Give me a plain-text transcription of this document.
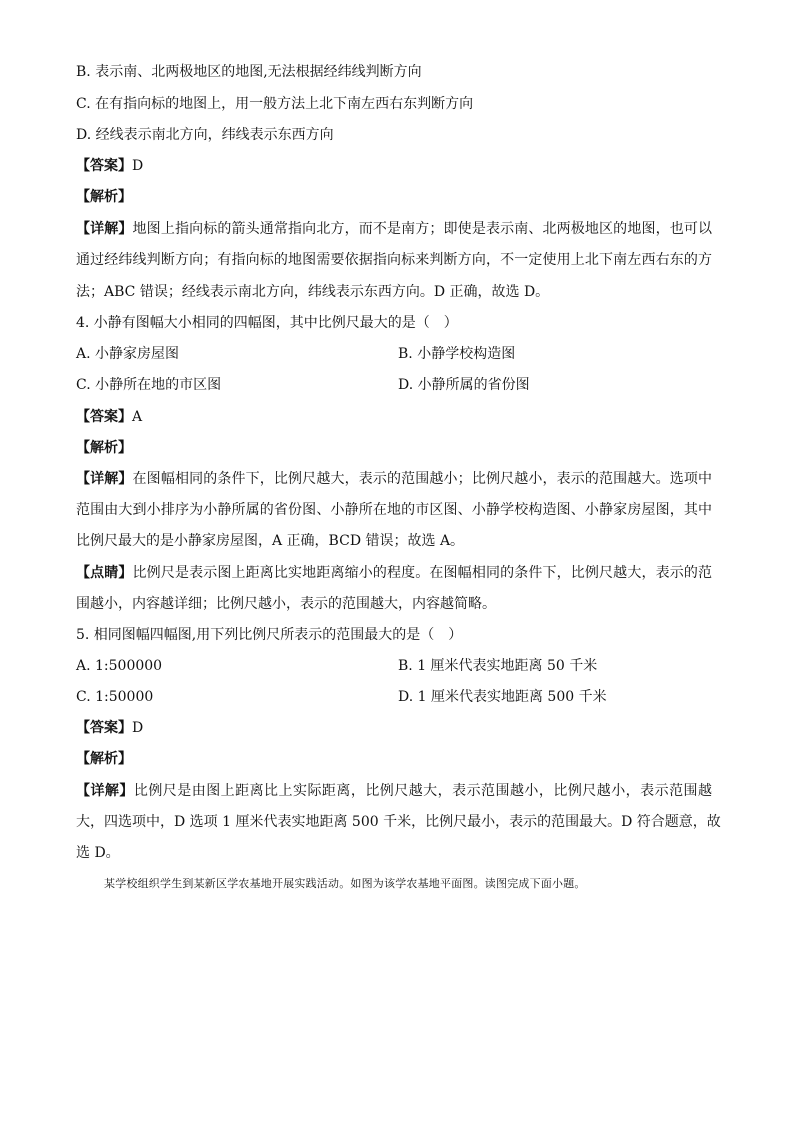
B. 表示南、北两极地区的地图,无法根据经纬线判断方向
C. 在有指向标的地图上，用一般方法上北下南左西右东判断方向
D. 经线表示南北方向，纬线表示东西方向
【答案】D
【解析】
【详解】地图上指向标的箭头通常指向北方，而不是南方；即使是表示南、北两极地区的地图，也可以
通过经纬线判断方向；有指向标的地图需要依据指向标来判断方向，不一定使用上北下南左西右东的方
法；ABC 错误；经线表示南北方向，纬线表示东西方向。D 正确，故选 D。
4. 小静有图幅大小相同的四幅图，其中比例尺最大的是（　）
A. 小静家房屋图	B. 小静学校构造图
C. 小静所在地的市区图	D. 小静所属的省份图
【答案】A
【解析】
【详解】在图幅相同的条件下，比例尺越大，表示的范围越小；比例尺越小，表示的范围越大。选项中
范围由大到小排序为小静所属的省份图、小静所在地的市区图、小静学校构造图、小静家房屋图，其中
比例尺最大的是小静家房屋图，A 正确，BCD 错误；故选 A。
【点睛】比例尺是表示图上距离比实地距离缩小的程度。在图幅相同的条件下，比例尺越大，表示的范
围越小，内容越详细；比例尺越小，表示的范围越大，内容越简略。
5. 相同图幅四幅图,用下列比例尺所表示的范围最大的是（　）
A. 1:500000	B. 1 厘米代表实地距离 50 千米
C. 1:50000	D. 1 厘米代表实地距离 500 千米
【答案】D
【解析】
【详解】比例尺是由图上距离比上实际距离，比例尺越大，表示范围越小，比例尺越小，表示范围越
大，四选项中，D 选项 1 厘米代表实地距离 500 千米，比例尺最小，表示的范围最大。D 符合题意，故
选 D。
某学校组织学生到某新区学农基地开展实践活动。如图为该学农基地平面图。读图完成下面小题。
